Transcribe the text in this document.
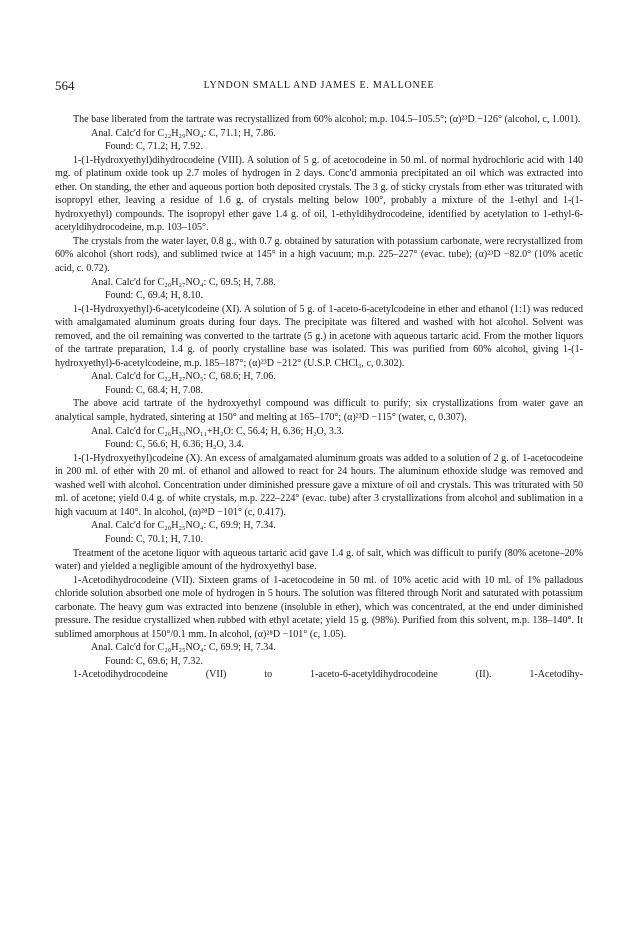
564	LYNDON SMALL AND JAMES E. MALLONEE

The base liberated from the tartrate was recrystallized from 60% alcohol; m.p. 104.5–105.5°; (α)²³D −126° (alcohol, c, 1.001).

Anal. Calc'd for C₂₂H₂₉NO₄: C, 71.1; H, 7.86.

Found: C, 71.2; H, 7.92.

1-(1-Hydroxyethyl)dihydrocodeine (VIII). A solution of 5 g. of acetocodeine in 50 ml. of normal hydrochloric acid with 140 mg. of platinum oxide took up 2.7 moles of hydrogen in 2 days. Conc'd ammonia precipitated an oil which was extracted into ether. On standing, the ether and aqueous portion both deposited crystals. The 3 g. of sticky crystals from ether was triturated with isopropyl ether, leaving a residue of 1.6 g. of crystals melting below 100°, probably a mixture of the 1-ethyl and 1-(1-hydroxyethyl) compounds. The isopropyl ether gave 1.4 g. of oil, 1-ethyldihydrocodeine, identified by acetylation to 1-ethyl-6-acetyldihydrocodeine, m.p. 103–105°.

The crystals from the water layer, 0.8 g., with 0.7 g. obtained by saturation with potassium carbonate, were recrystallized from 60% alcohol (short rods), and sublimed twice at 145° in a high vacuum; m.p. 225–227° (evac. tube); (α)²³D −82.0° (10% acetic acid, c. 0.72).

Anal. Calc'd for C₂₀H₂₇NO₄: C, 69.5; H, 7.88.

Found: C, 69.4; H, 8.10.

1-(1-Hydroxyethyl)-6-acetylcodeine (XI). A solution of 5 g. of 1-aceto-6-acetylcodeine in ether and ethanol (1:1) was reduced with amalgamated aluminum groats during four days. The precipitate was filtered and washed with hot alcohol. Solvent was removed, and the oil remaining was converted to the tartrate (5 g.) in acetone with aqueous tartaric acid. From the mother liquors of the tartrate preparation, 1.4 g. of poorly crystalline base was isolated. This was purified from 60% alcohol, giving 1-(1-hydroxyethyl)-6-acetylcodeine, m.p. 185–187°; (α)²³D −212° (U.S.P. CHCl₃, c, 0.302).

Anal. Calc'd for C₂₂H₂₇NO₅: C, 68.6; H, 7.06.

Found: C, 68.4; H, 7.08.

The above acid tartrate of the hydroxyethyl compound was difficult to purify; six crystallizations from water gave an analytical sample, hydrated, sintering at 150° and melting at 165–170°; (α)²³D −115° (water, c, 0.307).

Anal. Calc'd for C₂₆H₃₃NO₁₁+H₂O: C, 56.4; H, 6.36; H₂O, 3.3.

Found: C, 56.6; H, 6.36; H₂O, 3.4.

1-(1-Hydroxyethyl)codeine (X). An excess of amalgamated aluminum groats was added to a solution of 2 g. of 1-acetocodeine in 200 ml. of ether with 20 ml. of ethanol and allowed to react for 24 hours. The aluminum ethoxide sludge was removed and washed well with alcohol. Concentration under diminished pressure gave a mixture of oil and crystals. This was triturated with 50 ml. of acetone; yield 0.4 g. of white crystals, m.p. 222–224° (evac. tube) after 3 crystallizations from alcohol and sublimation in a high vacuum at 140°. In alcohol, (α)²⁸D −101° (c, 0.417).

Anal. Calc'd for C₂₀H₂₅NO₄: C, 69.9; H, 7.34.

Found: C, 70.1; H, 7.10.

Treatment of the acetone liquor with aqueous tartaric acid gave 1.4 g. of salt, which was difficult to purify (80% acetone–20% water) and yielded a negligible amount of the hydroxyethyl base.

1-Acetodihydrocodeine (VII). Sixteen grams of 1-acetocodeine in 50 ml. of 10% acetic acid with 10 ml. of 1% palladous chloride solution absorbed one mole of hydrogen in 5 hours. The solution was filtered through Norit and saturated with potassium carbonate. The heavy gum was extracted into benzene (insoluble in ether), which was concentrated, at the end under diminished pressure. The residue crystallized when rubbed with ethyl acetate; yield 15 g. (98%). Purified from this solvent, m.p. 138–140°. It sublimed amorphous at 150°/0.1 mm. In alcohol, (α)²⁸D −101° (c, 1.05).

Anal. Calc'd for C₂₀H₂₅NO₄: C, 69.9; H, 7.34.

Found: C, 69.6; H, 7.32.

1-Acetodihydrocodeine (VII) to 1-aceto-6-acetyldihydrocodeine (II). 1-Acetodihy-
